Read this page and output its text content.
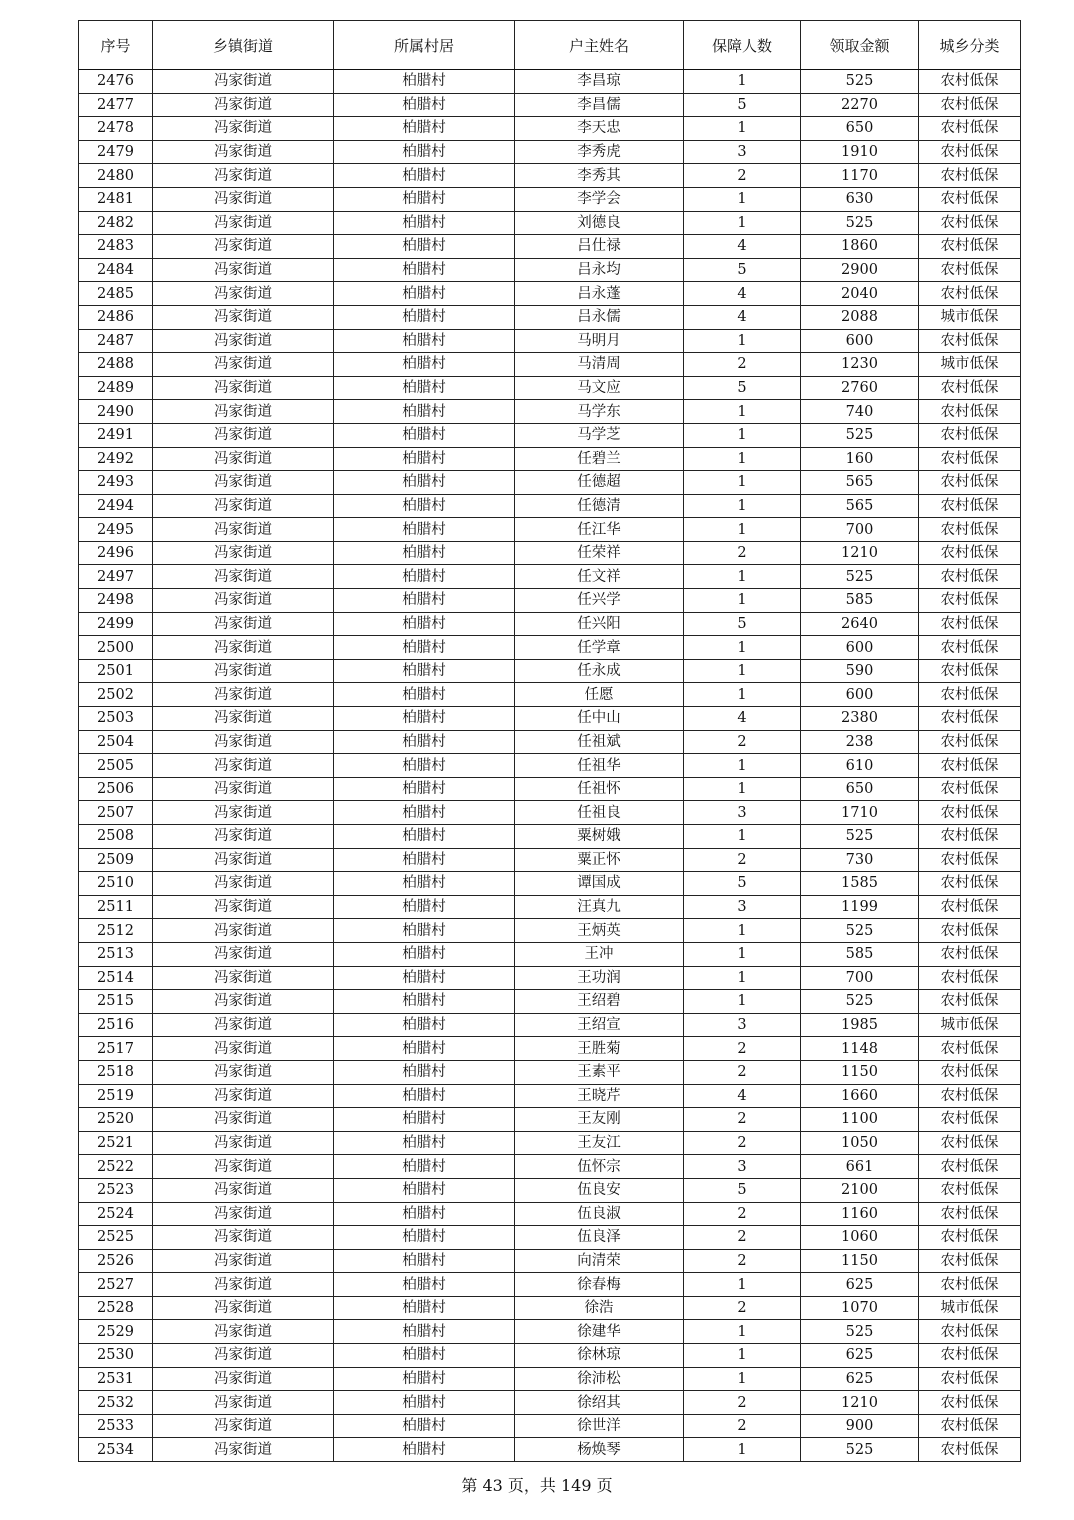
序号	乡镇街道	所属村居	户主姓名	保障人数	领取金额	城乡分类
2476	冯家街道	柏腊村	李昌琼	1	525	农村低保
2477	冯家街道	柏腊村	李昌儒	5	2270	农村低保
2478	冯家街道	柏腊村	李天忠	1	650	农村低保
2479	冯家街道	柏腊村	李秀虎	3	1910	农村低保
2480	冯家街道	柏腊村	李秀其	2	1170	农村低保
2481	冯家街道	柏腊村	李学会	1	630	农村低保
2482	冯家街道	柏腊村	刘德良	1	525	农村低保
2483	冯家街道	柏腊村	吕仕禄	4	1860	农村低保
2484	冯家街道	柏腊村	吕永均	5	2900	农村低保
2485	冯家街道	柏腊村	吕永蓬	4	2040	农村低保
2486	冯家街道	柏腊村	吕永儒	4	2088	城市低保
2487	冯家街道	柏腊村	马明月	1	600	农村低保
2488	冯家街道	柏腊村	马清周	2	1230	城市低保
2489	冯家街道	柏腊村	马文应	5	2760	农村低保
2490	冯家街道	柏腊村	马学东	1	740	农村低保
2491	冯家街道	柏腊村	马学芝	1	525	农村低保
2492	冯家街道	柏腊村	任碧兰	1	160	农村低保
2493	冯家街道	柏腊村	任德超	1	565	农村低保
2494	冯家街道	柏腊村	任德清	1	565	农村低保
2495	冯家街道	柏腊村	任江华	1	700	农村低保
2496	冯家街道	柏腊村	任荣祥	2	1210	农村低保
2497	冯家街道	柏腊村	任文祥	1	525	农村低保
2498	冯家街道	柏腊村	任兴学	1	585	农村低保
2499	冯家街道	柏腊村	任兴阳	5	2640	农村低保
2500	冯家街道	柏腊村	任学章	1	600	农村低保
2501	冯家街道	柏腊村	任永成	1	590	农村低保
2502	冯家街道	柏腊村	任愿	1	600	农村低保
2503	冯家街道	柏腊村	任中山	4	2380	农村低保
2504	冯家街道	柏腊村	任祖斌	2	238	农村低保
2505	冯家街道	柏腊村	任祖华	1	610	农村低保
2506	冯家街道	柏腊村	任祖怀	1	650	农村低保
2507	冯家街道	柏腊村	任祖良	3	1710	农村低保
2508	冯家街道	柏腊村	粟树娥	1	525	农村低保
2509	冯家街道	柏腊村	粟正怀	2	730	农村低保
2510	冯家街道	柏腊村	谭国成	5	1585	农村低保
2511	冯家街道	柏腊村	汪真九	3	1199	农村低保
2512	冯家街道	柏腊村	王炳英	1	525	农村低保
2513	冯家街道	柏腊村	王冲	1	585	农村低保
2514	冯家街道	柏腊村	王功润	1	700	农村低保
2515	冯家街道	柏腊村	王绍碧	1	525	农村低保
2516	冯家街道	柏腊村	王绍宣	3	1985	城市低保
2517	冯家街道	柏腊村	王胜菊	2	1148	农村低保
2518	冯家街道	柏腊村	王素平	2	1150	农村低保
2519	冯家街道	柏腊村	王晓芹	4	1660	农村低保
2520	冯家街道	柏腊村	王友刚	2	1100	农村低保
2521	冯家街道	柏腊村	王友江	2	1050	农村低保
2522	冯家街道	柏腊村	伍怀宗	3	661	农村低保
2523	冯家街道	柏腊村	伍良安	5	2100	农村低保
2524	冯家街道	柏腊村	伍良淑	2	1160	农村低保
2525	冯家街道	柏腊村	伍良泽	2	1060	农村低保
2526	冯家街道	柏腊村	向清荣	2	1150	农村低保
2527	冯家街道	柏腊村	徐春梅	1	625	农村低保
2528	冯家街道	柏腊村	徐浩	2	1070	城市低保
2529	冯家街道	柏腊村	徐建华	1	525	农村低保
2530	冯家街道	柏腊村	徐林琼	1	625	农村低保
2531	冯家街道	柏腊村	徐沛松	1	625	农村低保
2532	冯家街道	柏腊村	徐绍其	2	1210	农村低保
2533	冯家街道	柏腊村	徐世洋	2	900	农村低保
2534	冯家街道	柏腊村	杨焕琴	1	525	农村低保
第 43 页，共 149 页
